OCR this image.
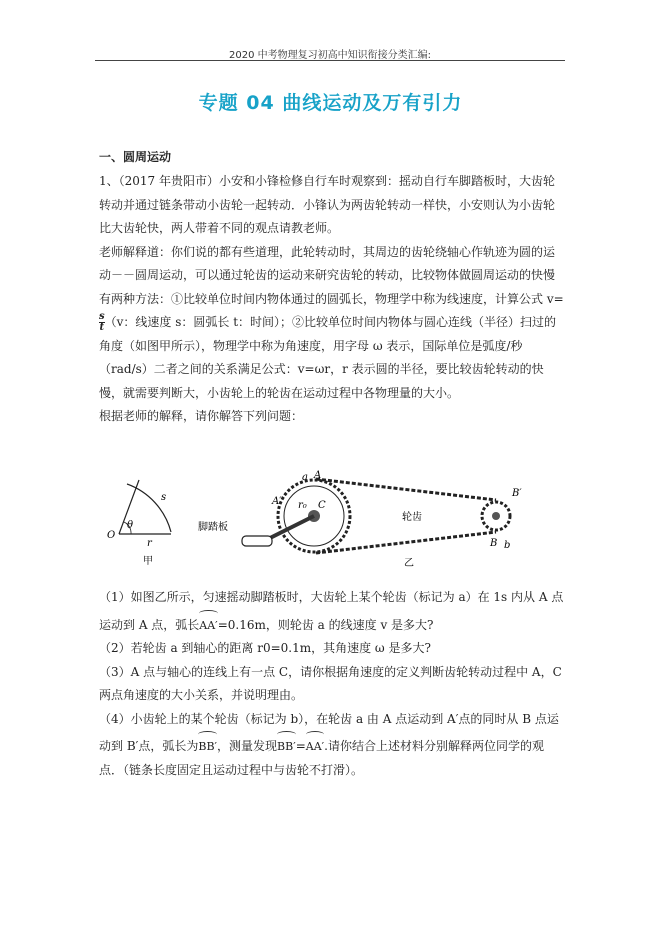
2020 中考物理复习初高中知识衔接分类汇编:
专题 04 曲线运动及万有引力
一、圆周运动

1、（2017 年贵阳市）小安和小锋检修自行车时观察到：摇动自行车脚踏板时，大齿轮转动并通过链条带动小齿轮一起转动．小锋认为两齿轮转动一样快，小安则认为小齿轮比大齿轮快，两人带着不同的观点请教老师。

老师解释道：你们说的都有些道理，此轮转动时，其周边的齿轮绕轴心作轨迹为圆的运动－－圆周运动，可以通过轮齿的运动来研究齿轮的转动，比较物体做圆周运动的快慢有两种方法：①比较单位时间内物体通过的圆弧长，物理学中称为线速度，计算公式 v=
$\frac{s}{t} (v$：线速度 s：圆弧长 t：时间）；②比较单位时间内物体与圆心连线（半径）扫过的角度（如图甲所示），物理学中称为角速度，用字母 ω 表示，国际单位是弧度/秒（rad/s）二者之间的关系满足公式：v=ωr，r 表示圆的半径，要比较齿轮转动的快慢，就需要判断大，小齿轮上的轮齿在运动过程中各物理量的大小。

根据老师的解释，请你解答下列问题：

O
θ
s
r
甲
脚踏板
轮齿
a A
A′ r₀ C
B′
B b
乙

（1）如图乙所示，匀速摇动脚踏板时，大齿轮上某个轮齿（标记为 a）在 1s 内从 A 点运动到 A 点，弧长AA′=0.16m，则轮齿 a 的线速度 v 是多大?

（2）若轮齿 a 到轴心的距离 r0=0.1m，其角速度 ω 是多大?

（3）A 点与轴心的连线上有一点 C，请你根据角速度的定义判断齿轮转动过程中 A，C 两点角速度的大小关系，并说明理由。

（4）小齿轮上的某个轮齿（标记为 b），在轮齿 a 由 A 点运动到 A′点的同时从 B 点运动到 B′点，弧长为BB′，测量发现BB′=AA′.请你结合上述材料分别解释两位同学的观点．（链条长度固定且运动过程中与齿轮不打滑）。
